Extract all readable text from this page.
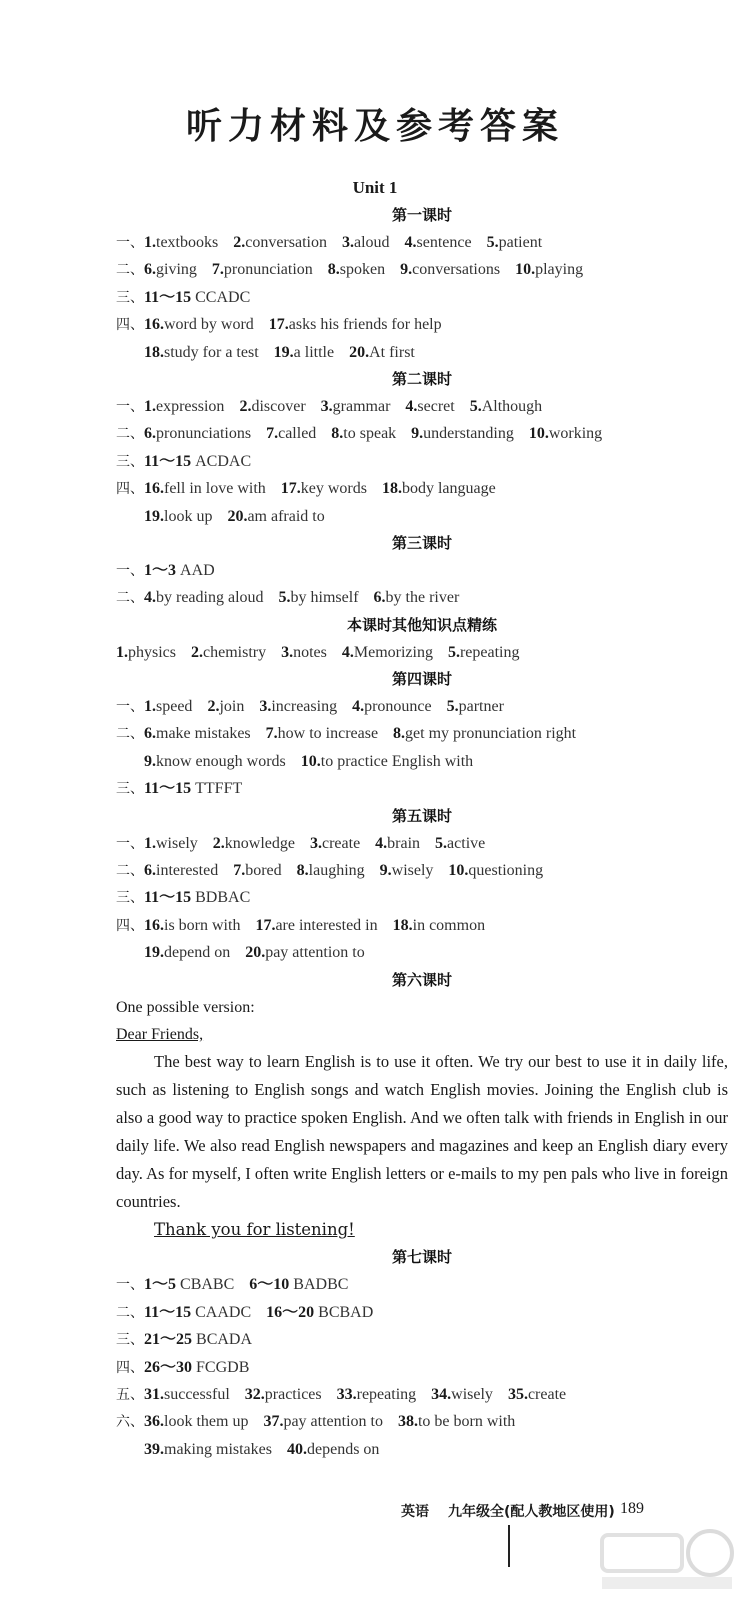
听力材料及参考答案
Unit 1
第一课时
一、1.textbooks 2.conversation 3.aloud 4.sentence 5.patient
二、6.giving 7.pronunciation 8.spoken 9.conversations 10.playing
三、11～15 CCADC
四、16.word by word 17.asks his friends for help
18.study for a test 19.a little 20.At first
第二课时
一、1.expression 2.discover 3.grammar 4.secret 5.Although
二、6.pronunciations 7.called 8.to speak 9.understanding 10.working
三、11～15 ACDAC
四、16.fell in love with 17.key words 18.body language
19.look up 20.am afraid to
第三课时
一、1～3 AAD
二、4.by reading aloud 5.by himself 6.by the river
本课时其他知识点精练
1.physics 2.chemistry 3.notes 4.Memorizing 5.repeating
第四课时
一、1.speed 2.join 3.increasing 4.pronounce 5.partner
二、6.make mistakes 7.how to increase 8.get my pronunciation right
9.know enough words 10.to practice English with
三、11～15 TTFFT
第五课时
一、1.wisely 2.knowledge 3.create 4.brain 5.active
二、6.interested 7.bored 8.laughing 9.wisely 10.questioning
三、11～15 BDBAC
四、16.is born with 17.are interested in 18.in common
19.depend on 20.pay attention to
第六课时
One possible version:
Dear Friends,

The best way to learn English is to use it often. We try our best to use it in daily life, such as listening to English songs and watch English movies. Joining the English club is also a good way to practice spoken English. And we often talk with friends in English in our daily life. We also read English newspapers and magazines and keep an English diary every day. As for myself, I often write English letters or e-mails to my pen pals who live in foreign countries.

Thank you for listening!
第七课时
一、1～5 CBABC 6～10 BADBC
二、11～15 CAADC 16～20 BCBAD
三、21～25 BCADA
四、26～30 FCGDB
五、31.successful 32.practices 33.repeating 34.wisely 35.create
六、36.look them up 37.pay attention to 38.to be born with
39.making mistakes 40.depends on
英语 九年级全(配人教地区使用) 189
